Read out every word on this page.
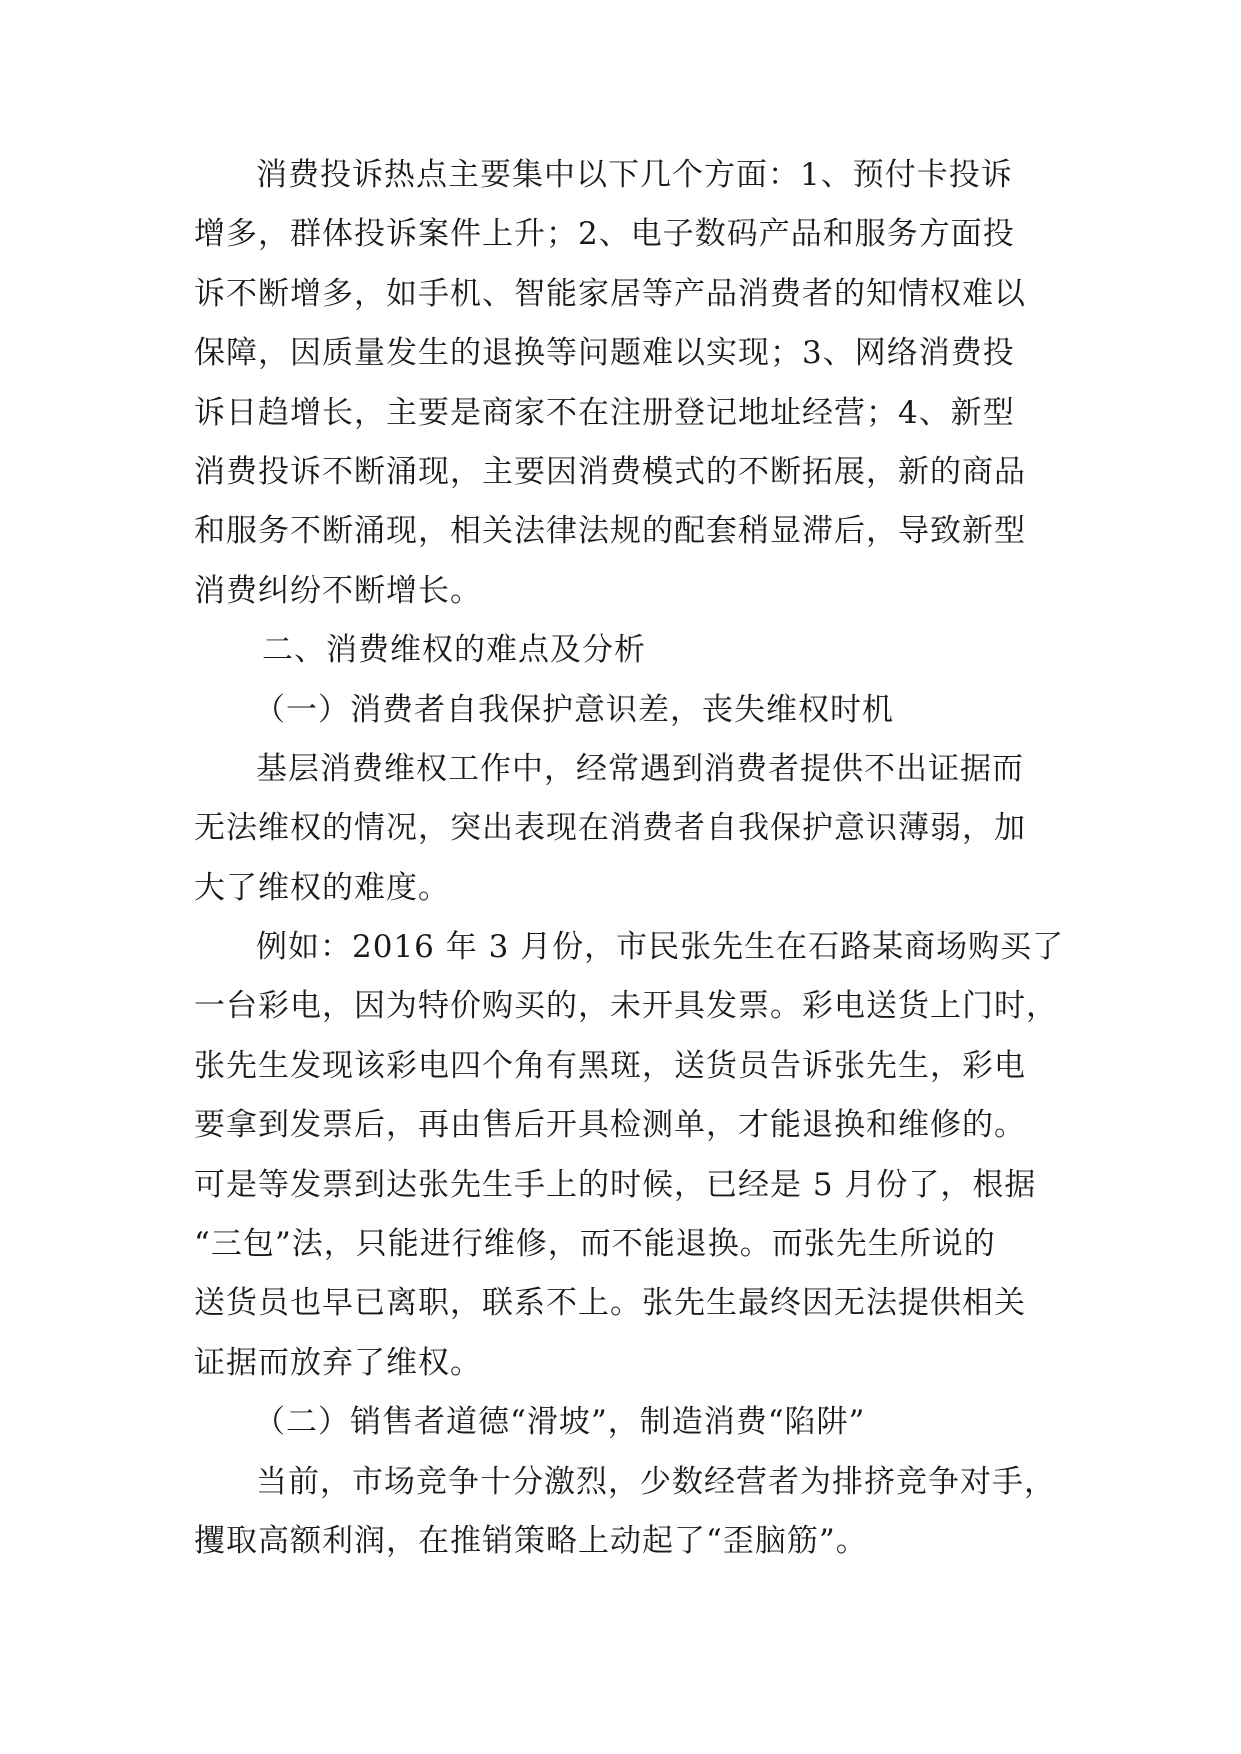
消费投诉热点主要集中以下几个方面：1、预付卡投诉
增多，群体投诉案件上升；2、电子数码产品和服务方面投
诉不断增多，如手机、智能家居等产品消费者的知情权难以
保障，因质量发生的退换等问题难以实现；3、网络消费投
诉日趋增长，主要是商家不在注册登记地址经营；4、新型
消费投诉不断涌现，主要因消费模式的不断拓展，新的商品
和服务不断涌现，相关法律法规的配套稍显滞后，导致新型
消费纠纷不断增长。
二、消费维权的难点及分析
（一）消费者自我保护意识差，丧失维权时机
基层消费维权工作中，经常遇到消费者提供不出证据而
无法维权的情况，突出表现在消费者自我保护意识薄弱，加
大了维权的难度。
例如：2016 年 3 月份，市民张先生在石路某商场购买了
一台彩电，因为特价购买的，未开具发票。彩电送货上门时，
张先生发现该彩电四个角有黑斑，送货员告诉张先生，彩电
要拿到发票后，再由售后开具检测单，才能退换和维修的。
可是等发票到达张先生手上的时候，已经是 5 月份了，根据
“三包”法，只能进行维修，而不能退换。而张先生所说的
送货员也早已离职，联系不上。张先生最终因无法提供相关
证据而放弃了维权。
（二）销售者道德“滑坡”，制造消费“陷阱”
当前，市场竞争十分激烈，少数经营者为排挤竞争对手，
攫取高额利润，在推销策略上动起了“歪脑筋”。
